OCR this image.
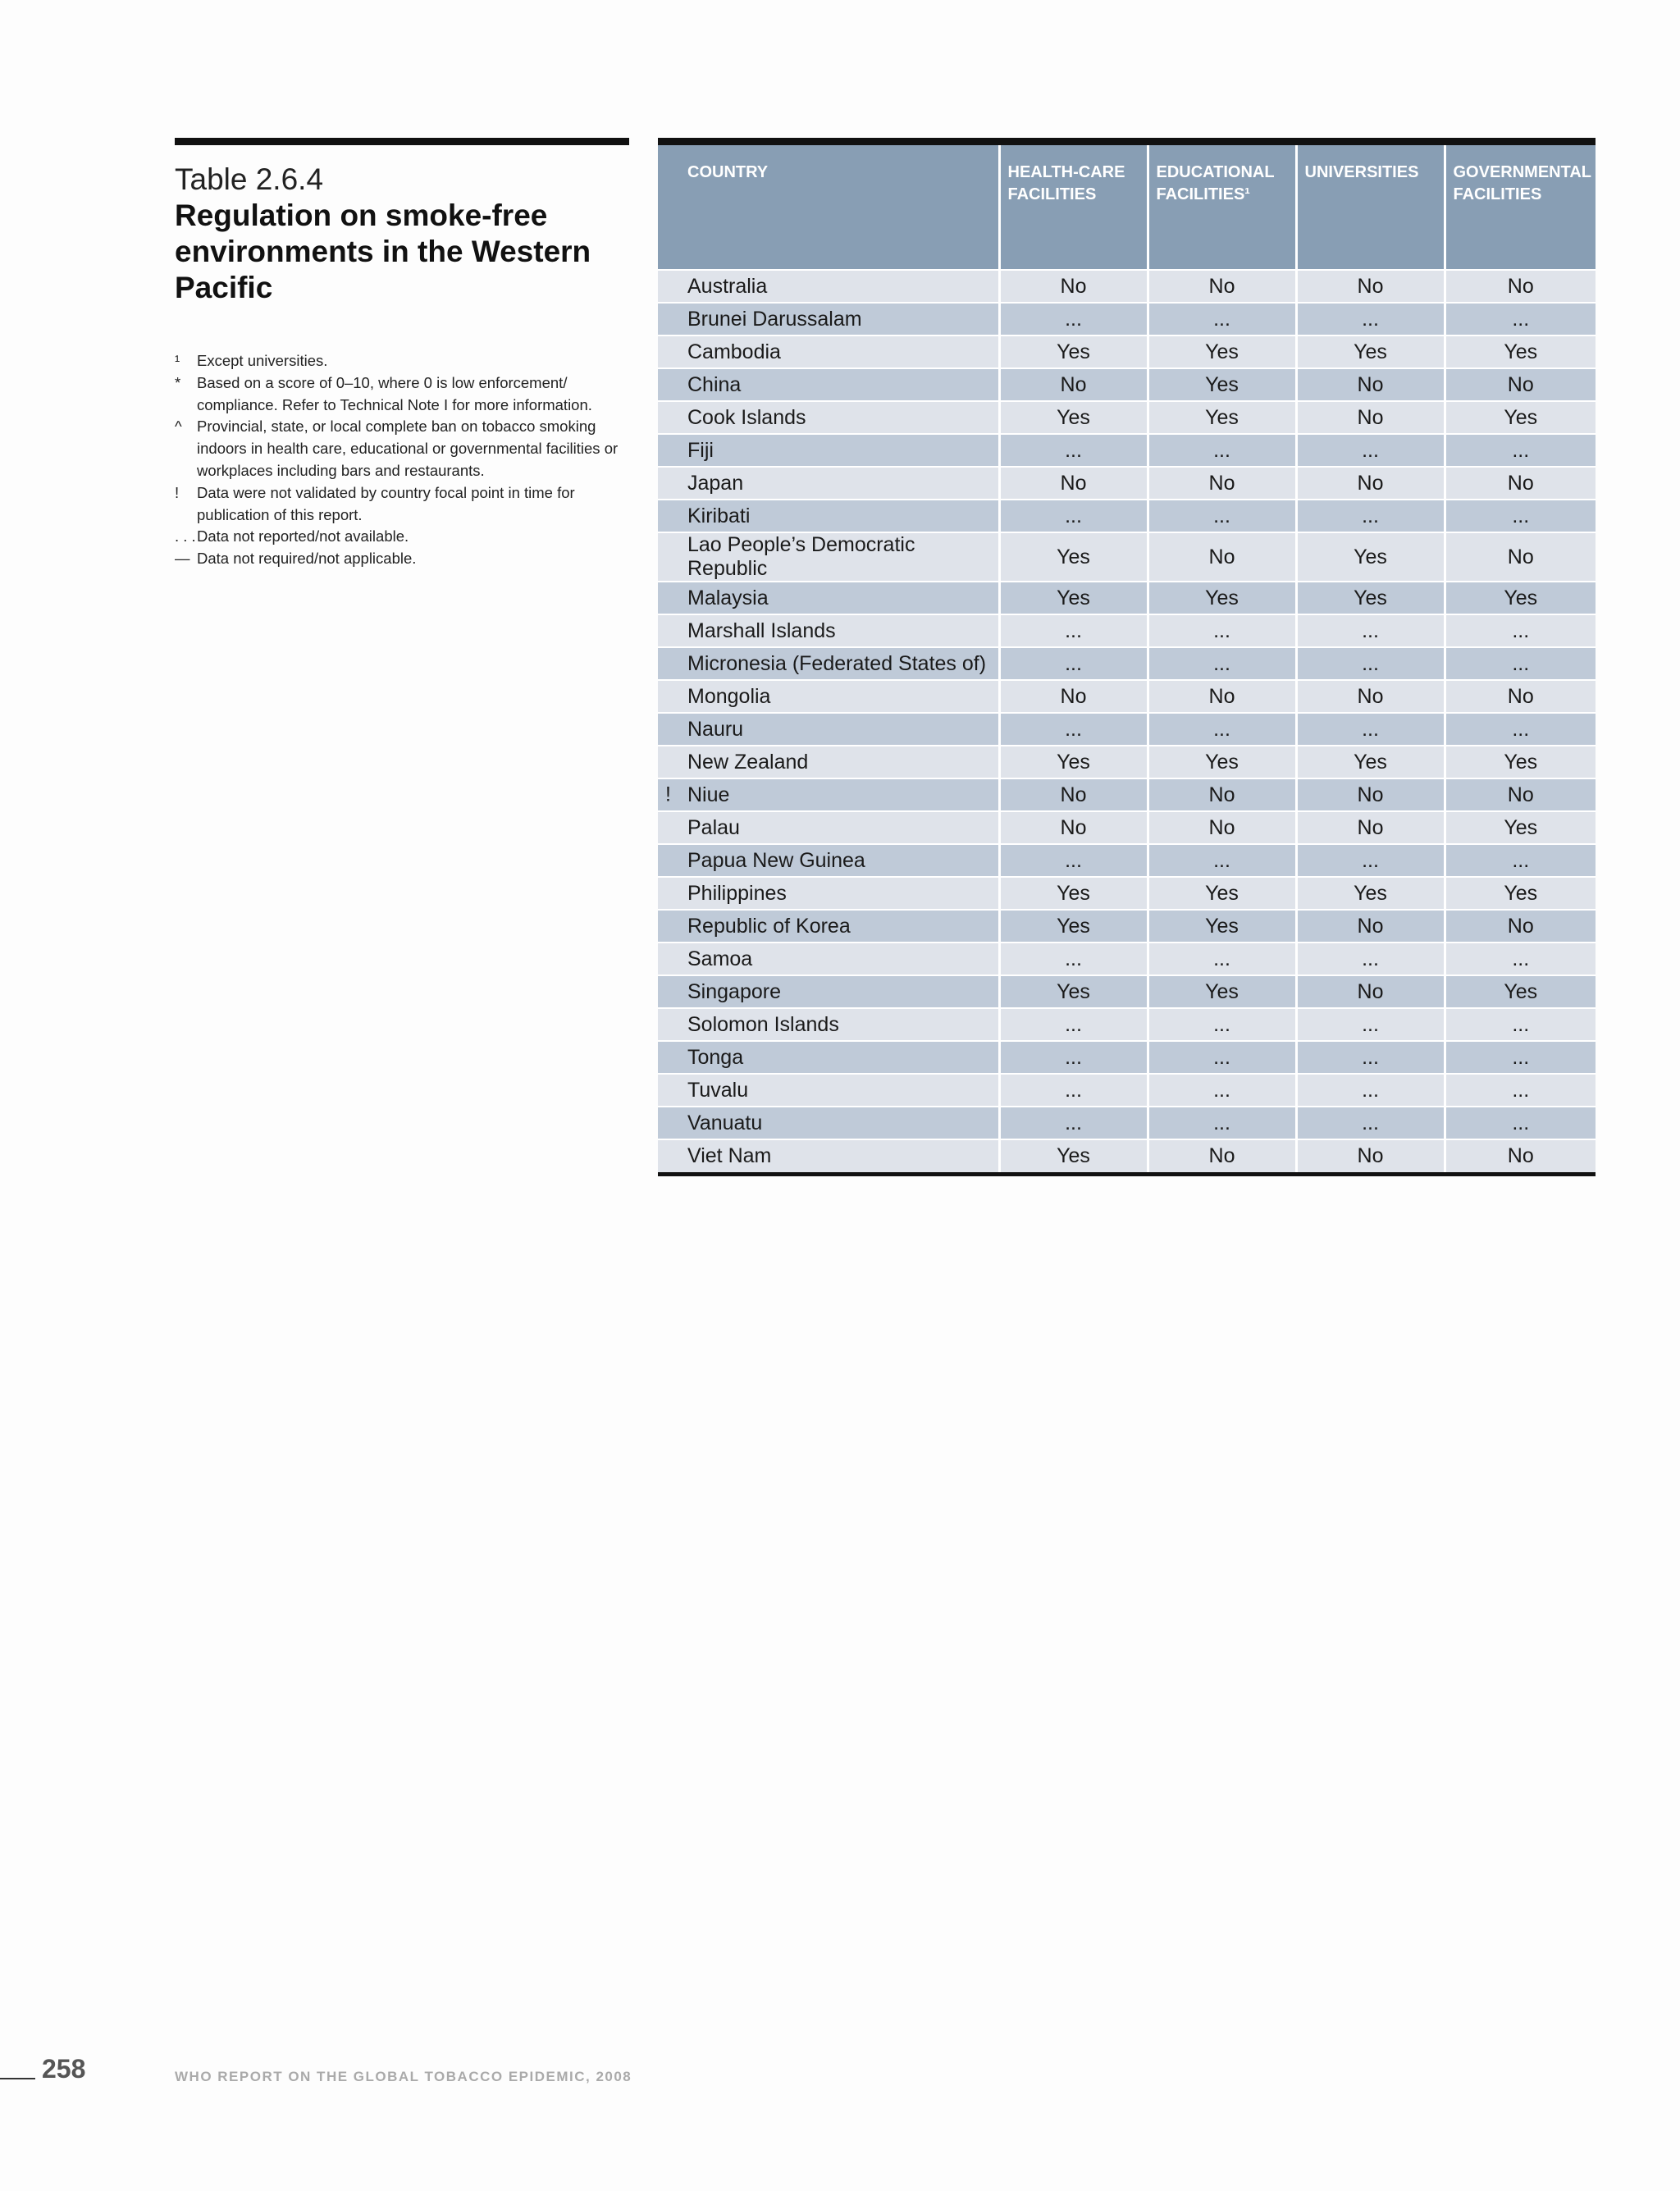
Table 2.6.4
Regulation on smoke-free environments in the Western Pacific
¹	Except universities.
*	Based on a score of 0–10, where 0 is low enforcement/ compliance. Refer to Technical Note I for more information.
^ Provincial, state, or local complete ban on tobacco smoking indoors in health care, educational or governmental facilities or workplaces including bars and restaurants.
!	Data were not validated by country focal point in time for publication of this report.
. . . Data not reported/not available.
— Data not required/not applicable.
COUNTRY	HEALTH-CARE FACILITIES	EDUCATIONAL FACILITIES¹	UNIVERSITIES	GOVERNMENTAL FACILITIES

Australia	No	No	No	No

Brunei Darussalam	...	...	...	...

Cambodia	Yes	Yes	Yes	Yes

China	No	Yes	No	No

Cook Islands	Yes	Yes	No	Yes

Fiji	...	...	...	...

Japan	No	No	No	No

Kiribati	...	...	...	...

Lao People’s Democratic Republic	Yes	No	Yes	No

Malaysia	Yes	Yes	Yes	Yes

Marshall Islands	...	...	...	...

Micronesia (Federated States of)	...	...	...	...

Mongolia	No	No	No	No

Nauru	...	...	...	...

New Zealand	Yes	Yes	Yes	Yes

! Niue	No	No	No	No

Palau	No	No	No	Yes

Papua New Guinea	...	...	...	...

Philippines	Yes	Yes	Yes	Yes

Republic of Korea	Yes	Yes	No	No

Samoa	...	...	...	...

Singapore	Yes	Yes	No	Yes

Solomon Islands	...	...	...	...

Tonga	...	...	...	...

Tuvalu	...	...	...	...

Vanuatu	...	...	...	...

Viet Nam	Yes	No	No	No
258	WHO REPORT ON THE GLOBAL TOBACCO EPIDEMIC, 2008
